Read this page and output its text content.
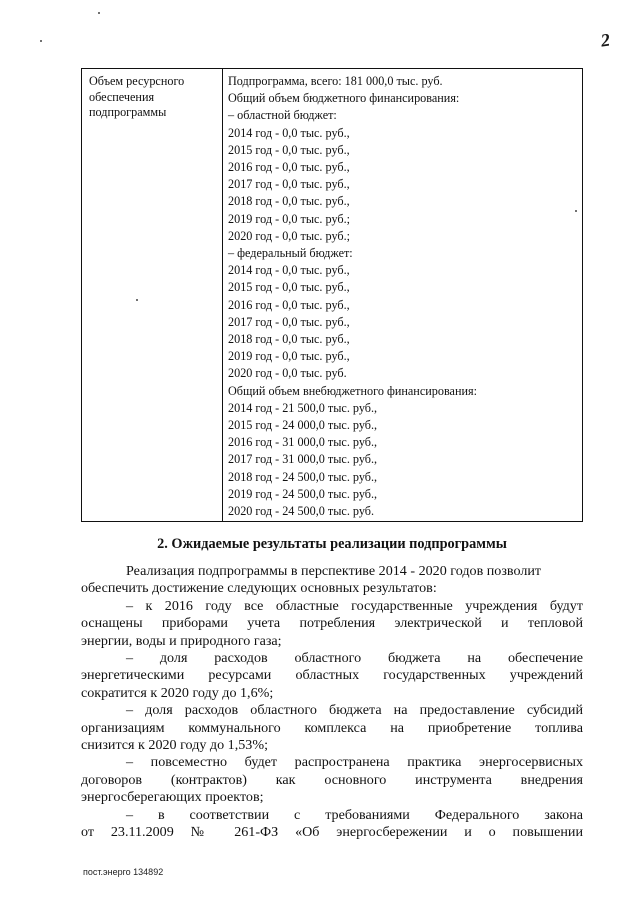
2
Объем ресурсного
обеспечения
подпрограммы
Подпрограмма, всего: 181 000,0 тыс. руб.
Общий объем бюджетного финансирования:
– областной бюджет:
2014 год - 0,0 тыс. руб.,
2015 год - 0,0 тыс. руб.,
2016 год - 0,0 тыс. руб.,
2017 год - 0,0 тыс. руб.,
2018 год - 0,0 тыс. руб.,
2019 год - 0,0 тыс. руб.;
2020 год - 0,0 тыс. руб.;
– федеральный бюджет:
2014 год - 0,0 тыс. руб.,
2015 год - 0,0 тыс. руб.,
2016 год - 0,0 тыс. руб.,
2017 год - 0,0 тыс. руб.,
2018 год - 0,0 тыс. руб.,
2019 год - 0,0 тыс. руб.,
2020 год - 0,0 тыс. руб.
Общий объем внебюджетного финансирования:
2014 год - 21 500,0 тыс. руб.,
2015 год - 24 000,0 тыс. руб.,
2016 год - 31 000,0 тыс. руб.,
2017 год - 31 000,0 тыс. руб.,
2018 год - 24 500,0 тыс. руб.,
2019 год - 24 500,0 тыс. руб.,
2020 год - 24 500,0 тыс. руб.
2. Ожидаемые результаты реализации подпрограммы
Реализация подпрограммы в перспективе 2014 - 2020 годов позволит
обеспечить достижение следующих основных результатов:
– к 2016 году все областные государственные учреждения будут
оснащены приборами учета потребления электрической и тепловой
энергии, воды и природного газа;
– доля расходов областного бюджета на обеспечение
энергетическими ресурсами областных государственных учреждений
сократится к 2020 году до 1,6%;
– доля расходов областного бюджета на предоставление субсидий
организациям коммунального комплекса на приобретение топлива
снизится к 2020 году до 1,53%;
– повсеместно будет распространена практика энергосервисных
договоров (контрактов) как основного инструмента внедрения
энергосберегающих проектов;
– в соответствии с требованиями Федерального закона
от 23.11.2009 № 261-ФЗ «Об энергосбережении и о повышении
пост.энерго 134892
